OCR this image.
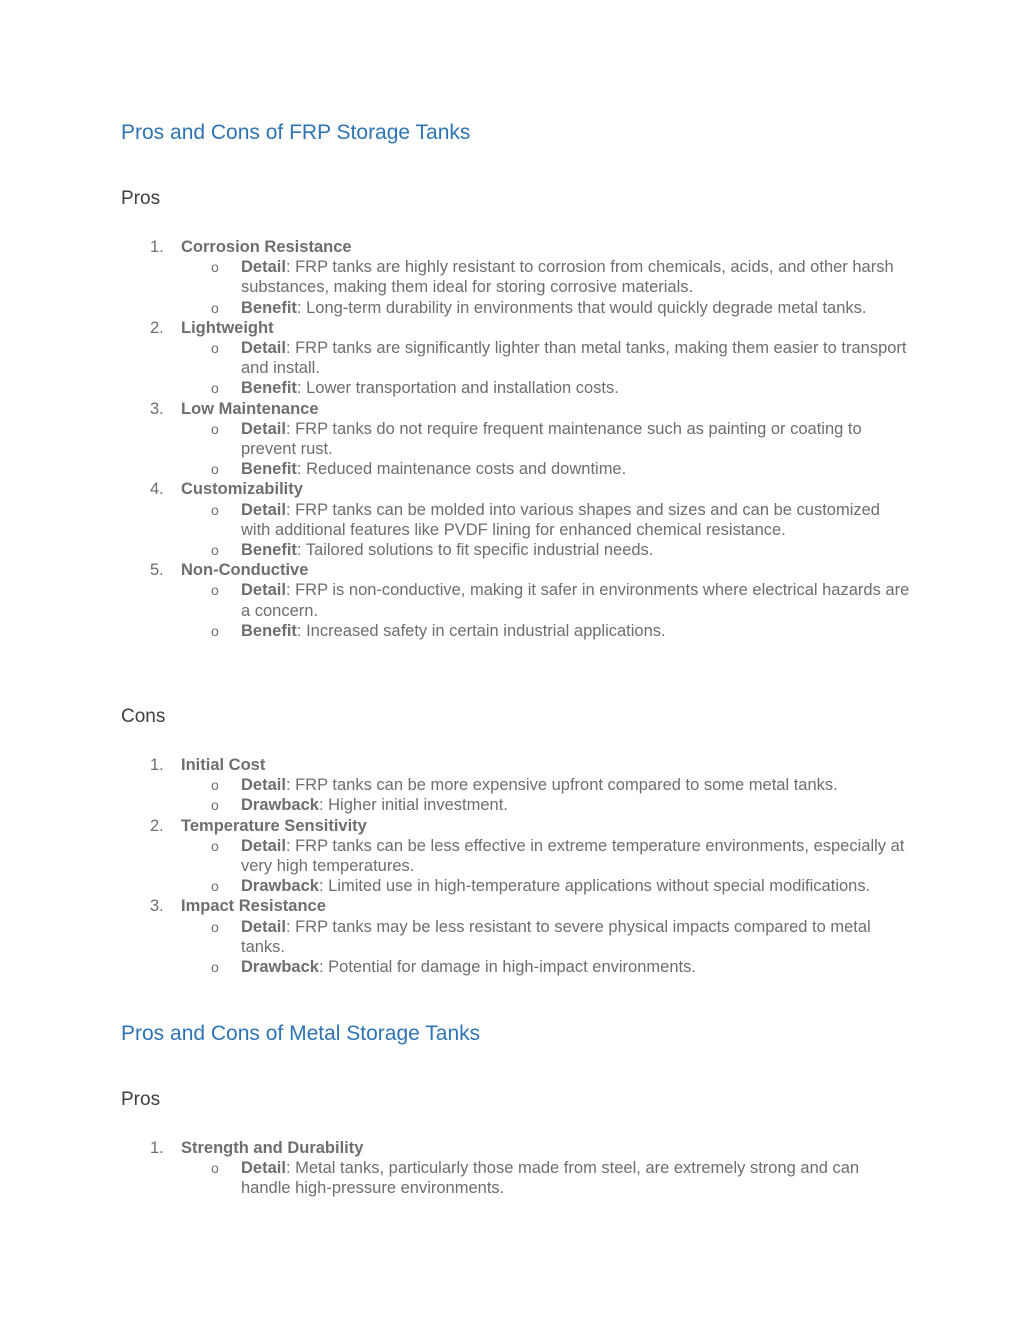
Pros and Cons of FRP Storage Tanks
Pros
1. Corrosion Resistance
o Detail: FRP tanks are highly resistant to corrosion from chemicals, acids, and other harsh substances, making them ideal for storing corrosive materials.
o Benefit: Long-term durability in environments that would quickly degrade metal tanks.
2. Lightweight
o Detail: FRP tanks are significantly lighter than metal tanks, making them easier to transport and install.
o Benefit: Lower transportation and installation costs.
3. Low Maintenance
o Detail: FRP tanks do not require frequent maintenance such as painting or coating to prevent rust.
o Benefit: Reduced maintenance costs and downtime.
4. Customizability
o Detail: FRP tanks can be molded into various shapes and sizes and can be customized with additional features like PVDF lining for enhanced chemical resistance.
o Benefit: Tailored solutions to fit specific industrial needs.
5. Non-Conductive
o Detail: FRP is non-conductive, making it safer in environments where electrical hazards are a concern.
o Benefit: Increased safety in certain industrial applications.
Cons
1. Initial Cost
o Detail: FRP tanks can be more expensive upfront compared to some metal tanks.
o Drawback: Higher initial investment.
2. Temperature Sensitivity
o Detail: FRP tanks can be less effective in extreme temperature environments, especially at very high temperatures.
o Drawback: Limited use in high-temperature applications without special modifications.
3. Impact Resistance
o Detail: FRP tanks may be less resistant to severe physical impacts compared to metal tanks.
o Drawback: Potential for damage in high-impact environments.
Pros and Cons of Metal Storage Tanks
Pros
1. Strength and Durability
o Detail: Metal tanks, particularly those made from steel, are extremely strong and can handle high-pressure environments.
